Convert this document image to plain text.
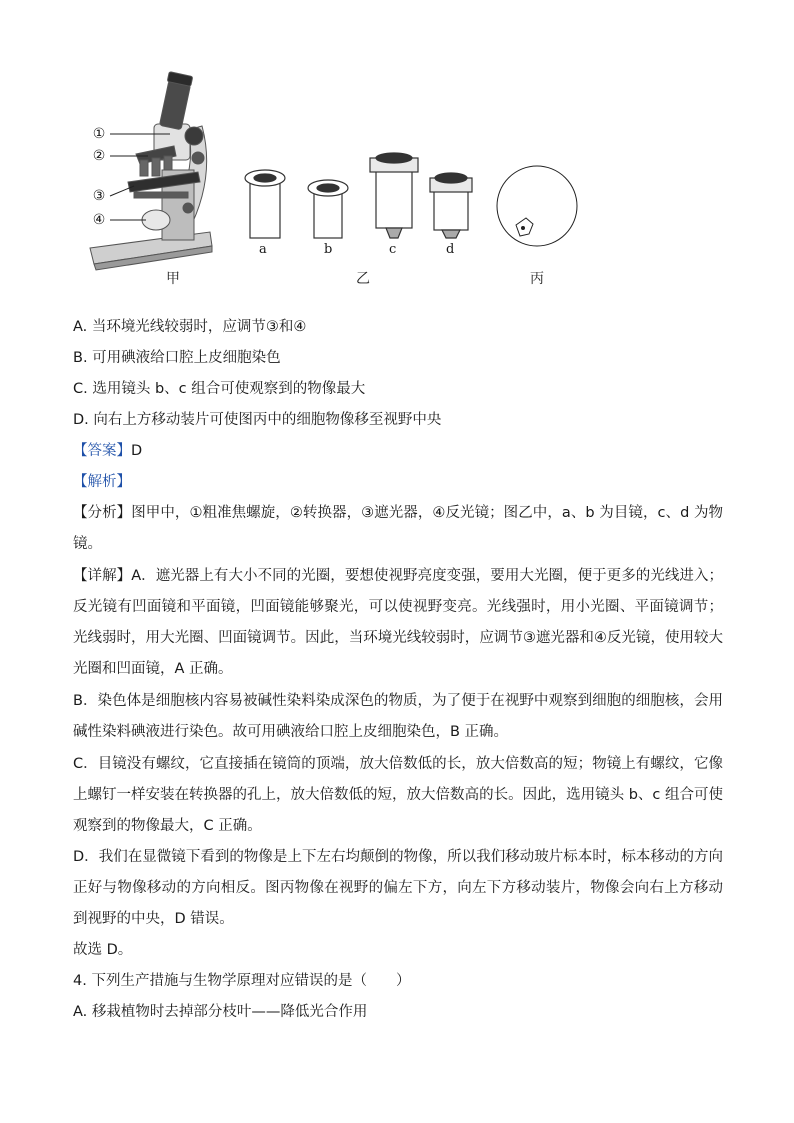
①
②
③
④
a	b	c	d
甲	乙	丙
A. 当环境光线较弱时，应调节③和④
B. 可用碘液给口腔上皮细胞染色
C. 选用镜头 b、c 组合可使观察到的物像最大
D. 向右上方移动装片可使图丙中的细胞物像移至视野中央
【答案】D
【解析】
【分析】图甲中，①粗准焦螺旋，②转换器，③遮光器，④反光镜；图乙中，a、b 为目镜，c、d 为物镜。
【详解】A．遮光器上有大小不同的光圈，要想使视野亮度变强，要用大光圈，便于更多的光线进入；反光镜有凹面镜和平面镜，凹面镜能够聚光，可以使视野变亮。光线强时，用小光圈、平面镜调节；光线弱时，用大光圈、凹面镜调节。因此，当环境光线较弱时，应调节③遮光器和④反光镜，使用较大光圈和凹面镜，A 正确。
B．染色体是细胞核内容易被碱性染料染成深色的物质，为了便于在视野中观察到细胞的细胞核，会用碱性染料碘液进行染色。故可用碘液给口腔上皮细胞染色，B 正确。
C．目镜没有螺纹，它直接插在镜筒的顶端，放大倍数低的长，放大倍数高的短；物镜上有螺纹，它像上螺钉一样安装在转换器的孔上，放大倍数低的短，放大倍数高的长。因此，选用镜头 b、c 组合可使观察到的物像最大，C 正确。
D．我们在显微镜下看到的物像是上下左右均颠倒的物像，所以我们移动玻片标本时，标本移动的方向正好与物像移动的方向相反。图丙物像在视野的偏左下方，向左下方移动装片，物像会向右上方移动到视野的中央，D 错误。
故选 D。
4. 下列生产措施与生物学原理对应错误的是（　　）
A. 移栽植物时去掉部分枝叶——降低光合作用
